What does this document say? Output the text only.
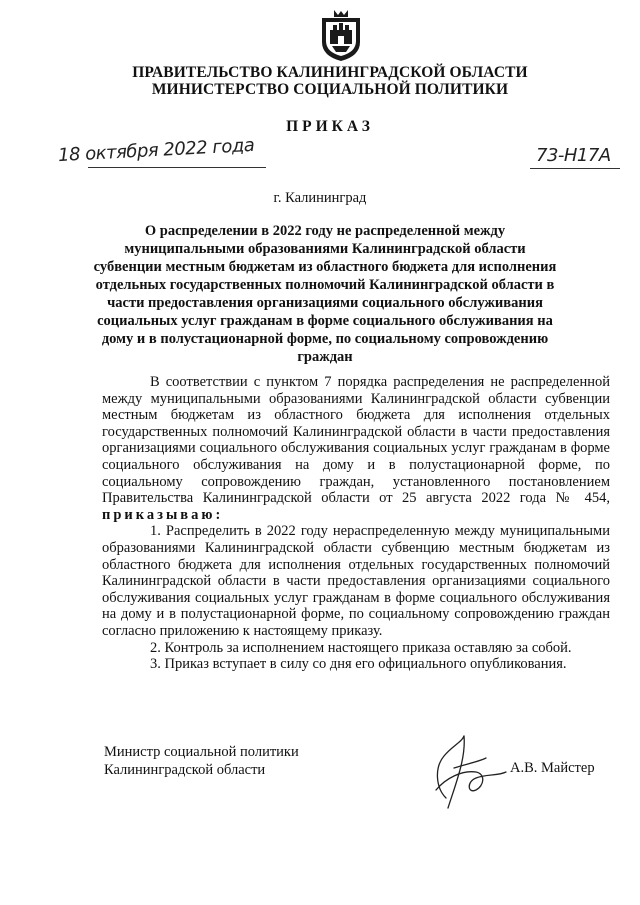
ПРАВИТЕЛЬСТВО КАЛИНИНГРАДСКОЙ ОБЛАСТИ
МИНИСТЕРСТВО СОЦИАЛЬНОЙ ПОЛИТИКИ
ПРИКАЗ
18 октября 2022 года	73-Н17А
г. Калининград
О распределении в 2022 году не распределенной между муниципальными образованиями Калининградской области субвенции местным бюджетам из областного бюджета для исполнения отдельных государственных полномочий Калининградской области в части предоставления организациями социального обслуживания социальных услуг гражданам в форме социального обслуживания на дому и в полустационарной форме, по социальному сопровождению граждан

В соответствии с пунктом 7 порядка распределения не распределенной между муниципальными образованиями Калининградской области субвенции местным бюджетам из областного бюджета для исполнения отдельных государственных полномочий Калининградской области в части предоставления организациями социального обслуживания социальных услуг гражданам в форме социального обслуживания на дому и в полустационарной форме, по социальному сопровождению граждан, установленного постановлением Правительства Калининградской области от 25 августа 2022 года № 454, приказываю:

1. Распределить в 2022 году нераспределенную между муниципальными образованиями Калининградской области субвенцию местным бюджетам из областного бюджета для исполнения отдельных государственных полномочий Калининградской области в части предоставления организациями социального обслуживания социальных услуг гражданам в форме социального обслуживания на дому и в полустационарной форме, по социальному сопровождению граждан согласно приложению к настоящему приказу.

2. Контроль за исполнением настоящего приказа оставляю за собой.

3. Приказ вступает в силу со дня его официального опубликования.

Министр социальной политики
Калининградской области	А.В. Майстер
